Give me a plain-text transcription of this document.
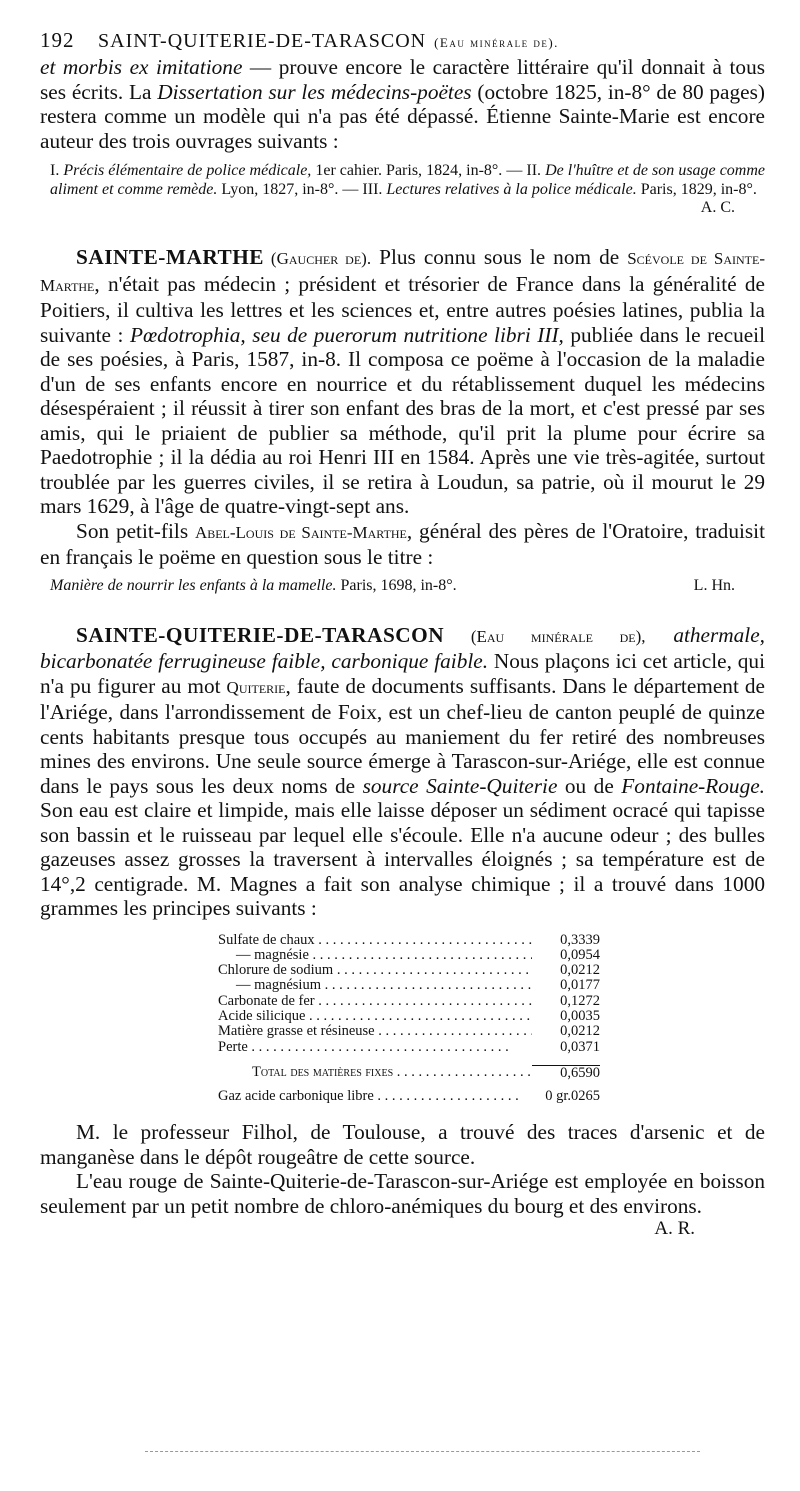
192	SAINT-QUITERIE-DE-TARASCON (Eau minérale de).

et morbis ex imitatione — prouve encore le caractère littéraire qu'il donnait à tous ses écrits. La Dissertation sur les médecins-poëtes (octobre 1825, in-8° de 80 pages) restera comme un modèle qui n'a pas été dépassé. Étienne Sainte-Marie est encore auteur des trois ouvrages suivants :

I. Précis élémentaire de police médicale, 1er cahier. Paris, 1824, in-8°. — II. De l'huître et de son usage comme aliment et comme remède. Lyon, 1827, in-8°. — III. Lectures relatives à la police médicale. Paris, 1829, in-8°.

A. C.

SAINTE-MARTHE (Gaucher de). Plus connu sous le nom de Scévole de Sainte-Marthe, n'était pas médecin ; président et trésorier de France dans la généralité de Poitiers, il cultiva les lettres et les sciences et, entre autres poésies latines, publia la suivante : Pœdotrophia, seu de puerorum nutritione libri III, publiée dans le recueil de ses poésies, à Paris, 1587, in-8. Il composa ce poëme à l'occasion de la maladie d'un de ses enfants encore en nourrice et du rétablissement duquel les médecins désespéraient ; il réussit à tirer son enfant des bras de la mort, et c'est pressé par ses amis, qui le priaient de publier sa méthode, qu'il prit la plume pour écrire sa Paedotrophie ; il la dédia au roi Henri III en 1584. Après une vie très-agitée, surtout troublée par les guerres civiles, il se retira à Loudun, sa patrie, où il mourut le 29 mars 1629, à l'âge de quatre-vingt-sept ans.

Son petit-fils Abel-Louis de Sainte-Marthe, général des pères de l'Oratoire, traduisit en français le poëme en question sous le titre :

Manière de nourrir les enfants à la mamelle. Paris, 1698, in-8°.	L. Hn.

SAINTE-QUITERIE-DE-TARASCON (Eau minérale de), athermale, bicarbonatée ferrugineuse faible, carbonique faible. Nous plaçons ici cet article, qui n'a pu figurer au mot Quiterie, faute de documents suffisants. Dans le département de l'Ariége, dans l'arrondissement de Foix, est un chef-lieu de canton peuplé de quinze cents habitants presque tous occupés au maniement du fer retiré des nombreuses mines des environs. Une seule source émerge à Tarascon-sur-Ariége, elle est connue dans le pays sous les deux noms de source Sainte-Quiterie ou de Fontaine-Rouge. Son eau est claire et limpide, mais elle laisse déposer un sédiment ocracé qui tapisse son bassin et le ruisseau par lequel elle s'écoule. Elle n'a aucune odeur ; des bulles gazeuses assez grosses la traversent à intervalles éloignés ; sa température est de 14°,2 centigrade. M. Magnes a fait son analyse chimique ; il a trouvé dans 1000 grammes les principes suivants :

Sulfate de chaux . . .	0,3339
— magnésie . . .	0,0954
Chlorure de sodium . . .	0,0212
— magnésium . . .	0,0177
Carbonate de fer . . .	0,1272
Acide silicique . . .	0,0035
Matière grasse et résineuse . . .	0,0212
Perte . . .	0,0371
Total des matières fixes . . .	0,6590
Gaz acide carbonique libre . . .	0 gr.0265

M. le professeur Filhol, de Toulouse, a trouvé des traces d'arsenic et de manganèse dans le dépôt rougeâtre de cette source.

L'eau rouge de Sainte-Quiterie-de-Tarascon-sur-Ariége est employée en boisson seulement par un petit nombre de chloro-anémiques du bourg et des environs.

A. R.
